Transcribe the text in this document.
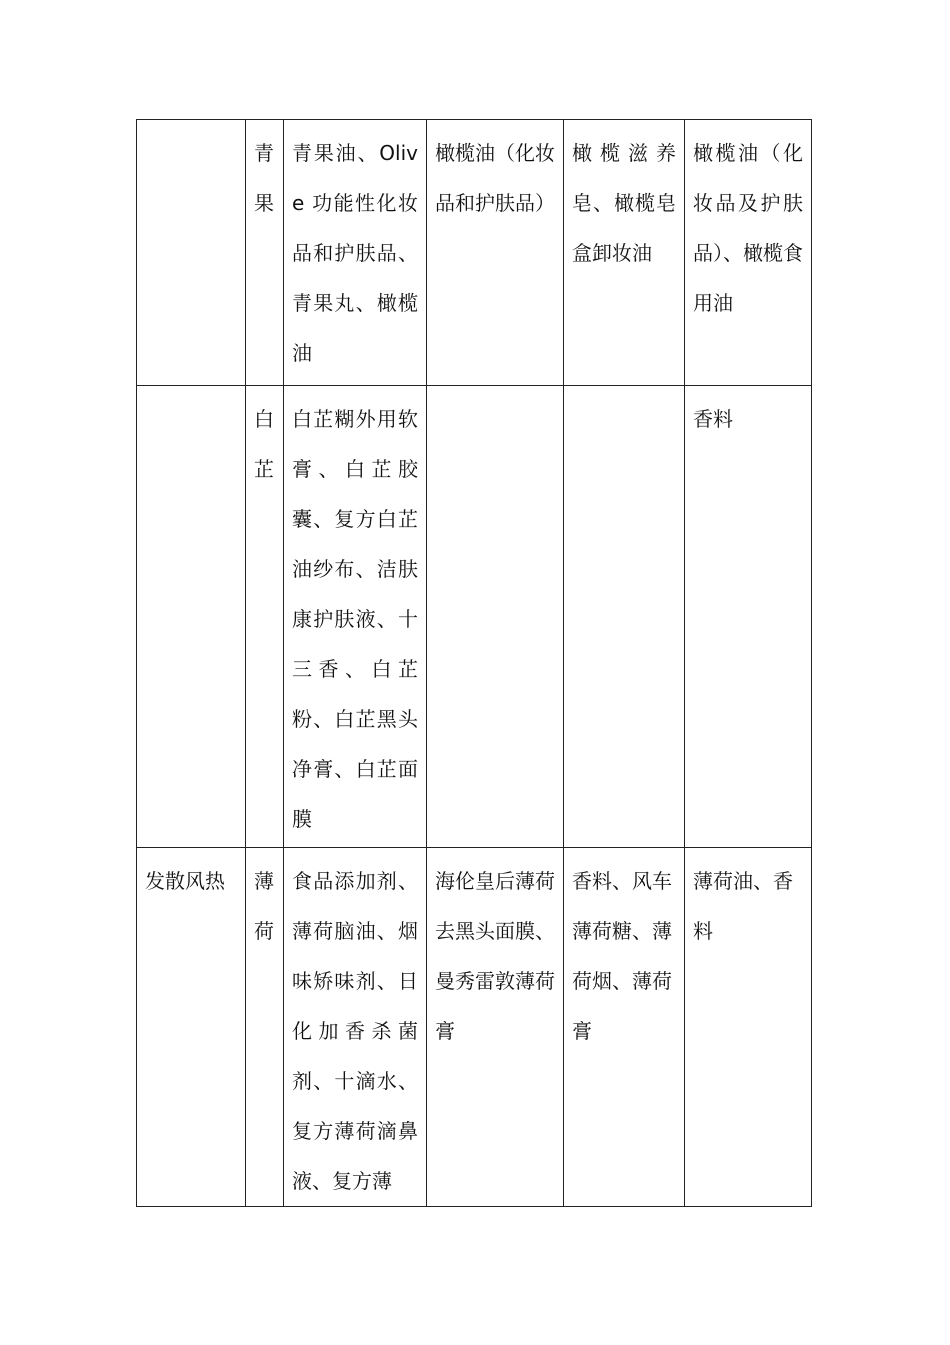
	青果	青果油、Olive 功能性化妆品和护肤品、青果丸、橄榄油	橄榄油（化妆品和护肤品）	橄榄滋养皂、橄榄皂盒卸妆油	橄榄油（化妆品及护肤品）、橄榄食用油
	白芷	白芷糊外用软膏、白芷胶囊、复方白芷油纱布、洁肤康护肤液、十三香、白芷粉、白芷黑头净膏、白芷面膜			香料
发散风热	薄荷	食品添加剂、薄荷脑油、烟味矫味剂、日化加香杀菌剂、十滴水、复方薄荷滴鼻液、复方薄	海伦皇后薄荷去黑头面膜、曼秀雷敦薄荷膏	香料、风车薄荷糖、薄荷烟、薄荷膏	薄荷油、香料
